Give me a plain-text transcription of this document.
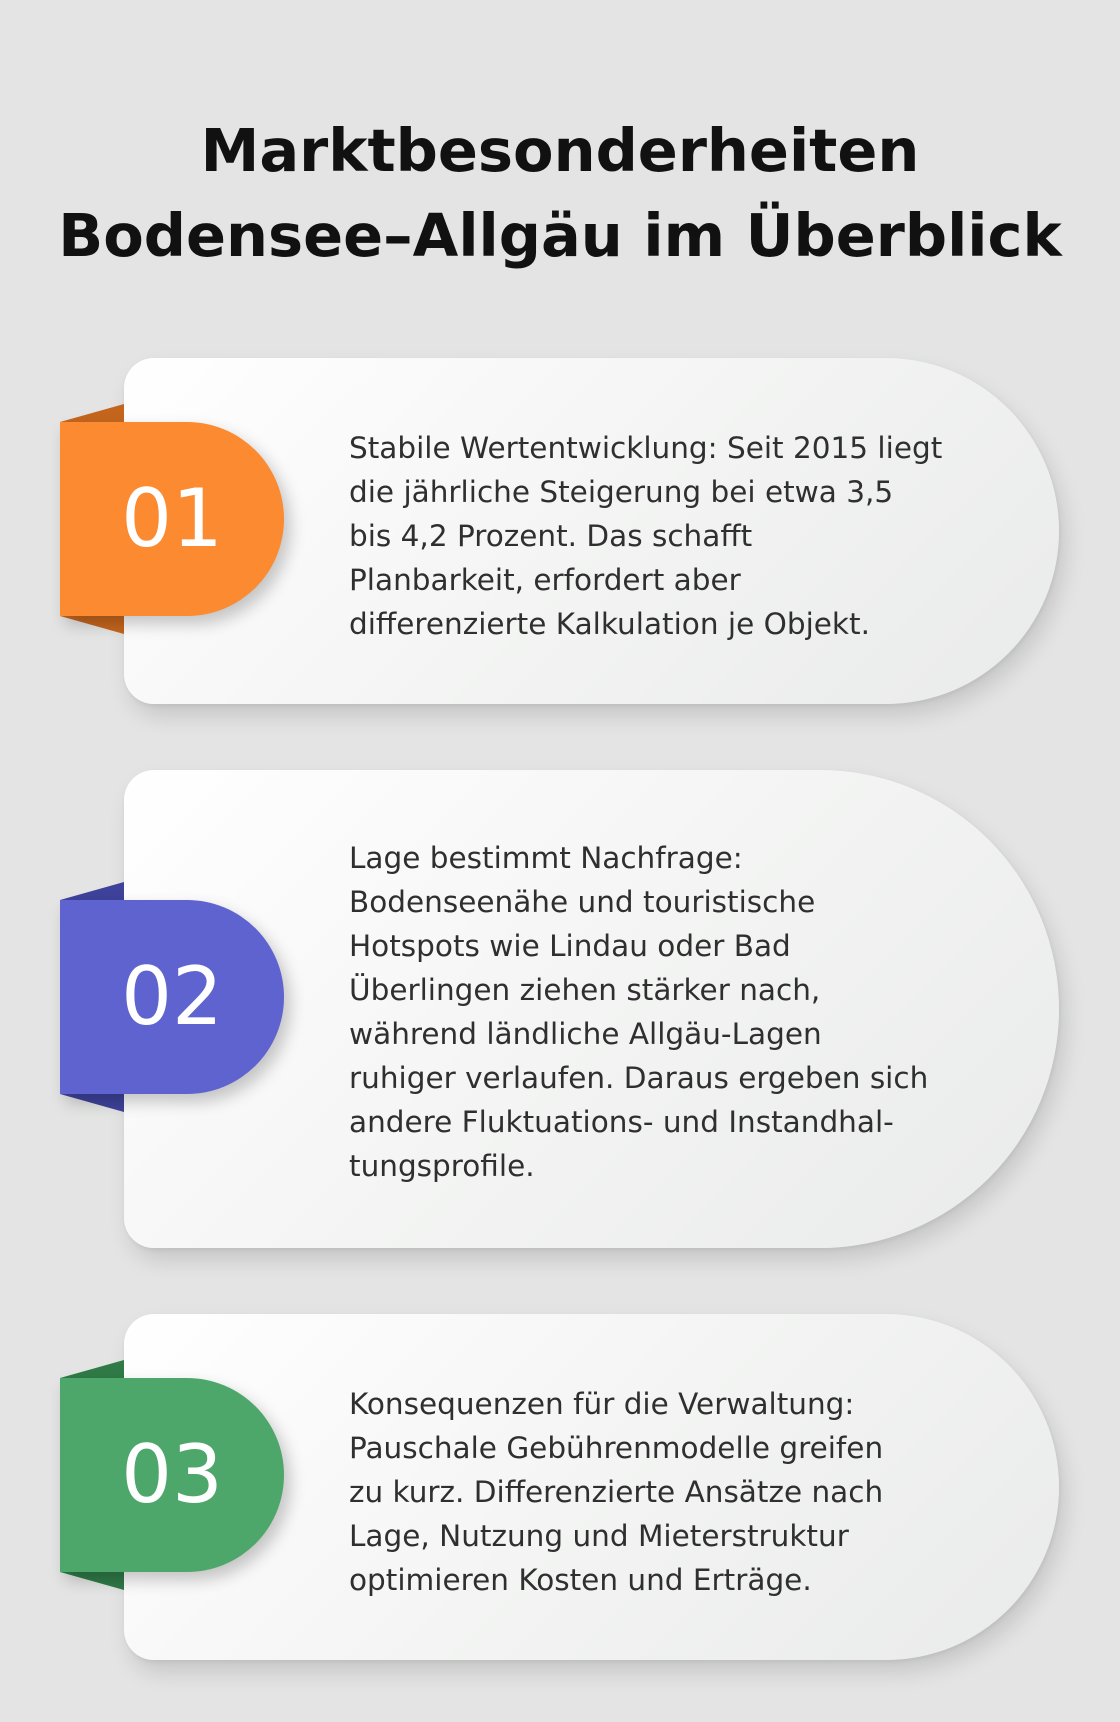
Marktbesonderheiten
Bodensee–Allgäu im Überblick
Stabile Wertentwicklung: Seit 2015 liegt
die jährliche Steigerung bei etwa 3,5
bis 4,2 Prozent. Das schafft
Planbarkeit, erfordert aber
differenzierte Kalkulation je Objekt.
01
Lage bestimmt Nachfrage:
Bodenseenähe und touristische
Hotspots wie Lindau oder Bad
Überlingen ziehen stärker nach,
während ländliche Allgäu-Lagen
ruhiger verlaufen. Daraus ergeben sich
andere Fluktuations- und Instandhal-
tungsprofile.
02
Konsequenzen für die Verwaltung:
Pauschale Gebührenmodelle greifen
zu kurz. Differenzierte Ansätze nach
Lage, Nutzung und Mieterstruktur
optimieren Kosten und Erträge.
03
